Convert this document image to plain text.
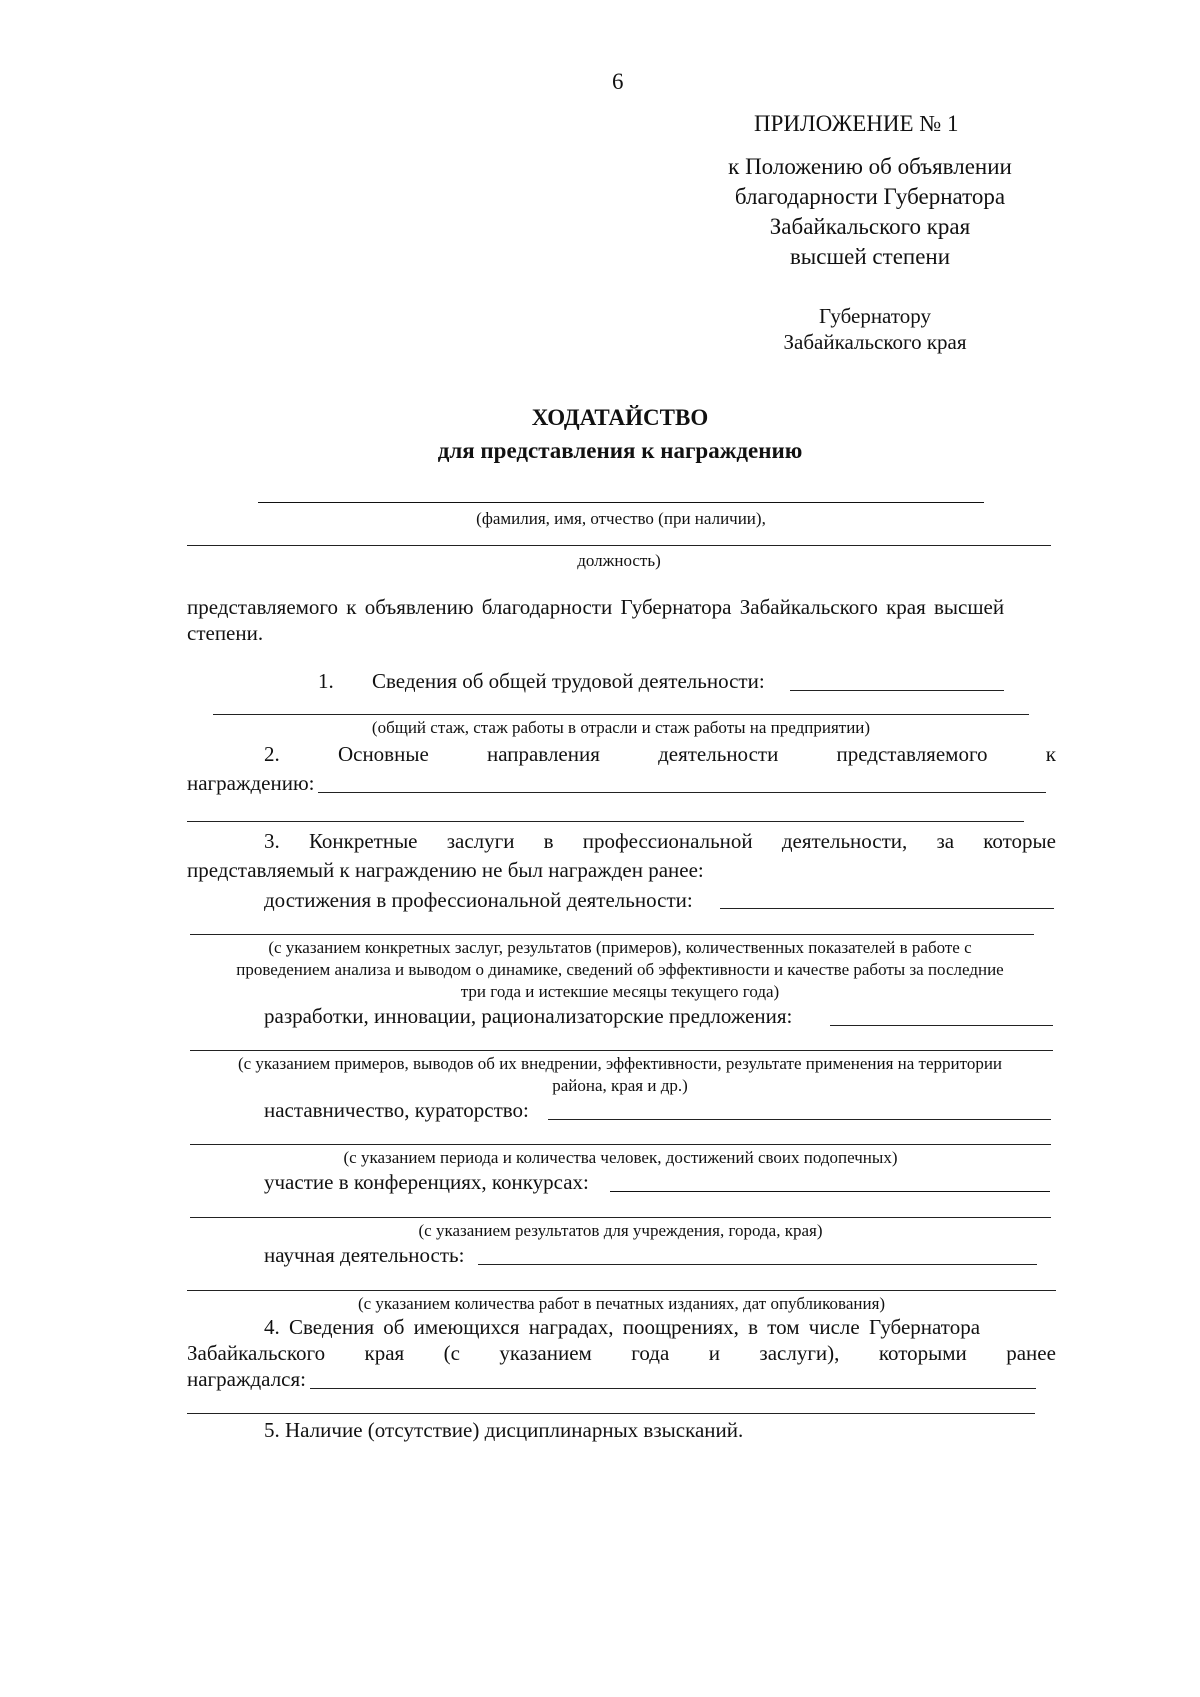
6
ПРИЛОЖЕНИЕ № 1
к Положению об объявлении
благодарности Губернатора
Забайкальского края
высшей степени
Губернатору
Забайкальского края
ХОДАТАЙСТВО
для представления к награждению
(фамилия, имя, отчество (при наличии),
должность)
представляемого к объявлению благодарности Губернатора Забайкальского края высшей
степени.
1. Сведения об общей трудовой деятельности:
(общий стаж, стаж работы в отрасли и стаж работы на предприятии)
2.	Основные	направления	деятельности	представляемого	к
награждению:
3. Конкретные заслуги в профессиональной деятельности, за которые
представляемый к награждению не был награжден ранее:
достижения в профессиональной деятельности:
(с указанием конкретных заслуг, результатов (примеров), количественных показателей в работе с
проведением анализа и выводом о динамике, сведений об эффективности и качестве работы за последние
три года и истекшие месяцы текущего года)
разработки, инновации, рационализаторские предложения:
(с указанием примеров, выводов об их внедрении, эффективности, результате применения на территории
района, края и др.)
наставничество, кураторство:
(с указанием периода и количества человек, достижений своих подопечных)
участие в конференциях, конкурсах:
(с указанием результатов для учреждения, города, края)
научная деятельность:
(с указанием количества работ в печатных изданиях, дат опубликования)
4. Сведения об имеющихся наградах, поощрениях, в том числе Губернатора
Забайкальского края (с указанием года и заслуги), которыми ранее
награждался:
5. Наличие (отсутствие) дисциплинарных взысканий.
